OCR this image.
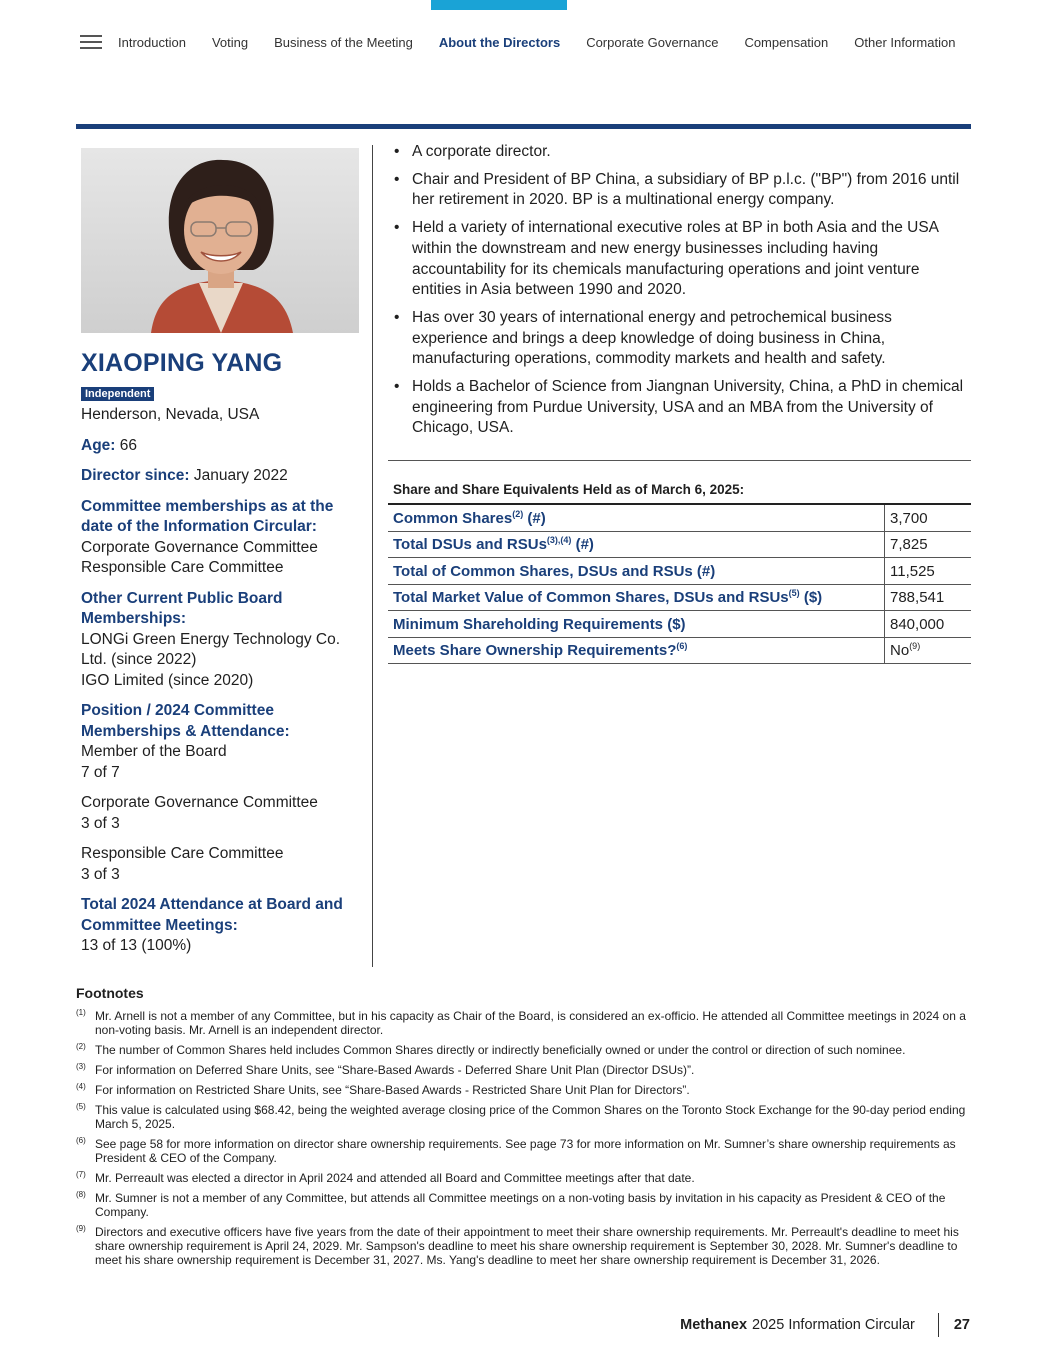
Introduction Voting Business of the Meeting About the Directors Corporate Governance Compensation Other Information
XIAOPING YANG
Independent

Henderson, Nevada, USA

Age: 66

Director since: January 2022

Committee memberships as at the date of the Information Circular:
Corporate Governance Committee
Responsible Care Committee
Other Current Public Board Memberships:
LONGi Green Energy Technology Co. Ltd. (since 2022)
IGO Limited (since 2020)
Position / 2024 Committee Memberships & Attendance:
Member of the Board
7 of 7
Corporate Governance Committee
3 of 3
Responsible Care Committee
3 of 3
Total 2024 Attendance at Board and Committee Meetings:
13 of 13 (100%)
• A corporate director.
• Chair and President of BP China, a subsidiary of BP p.l.c. ("BP") from 2016 until her retirement in 2020. BP is a multinational energy company.
• Held a variety of international executive roles at BP in both Asia and the USA within the downstream and new energy businesses including having accountability for its chemicals manufacturing operations and joint venture entities in Asia between 1990 and 2020.
• Has over 30 years of international energy and petrochemical business experience and brings a deep knowledge of doing business in China, manufacturing operations, commodity markets and health and safety.
• Holds a Bachelor of Science from Jiangnan University, China, a PhD in chemical engineering from Purdue University, USA and an MBA from the University of Chicago, USA.
Share and Share Equivalents Held as of March 6, 2025:
Common Shares$^{(2)}$ (#)	3,700
Total DSUs and RSUs$^{(3),(4)}$ (#)	7,825
Total of Common Shares, DSUs and RSUs (#)	11,525
Total Market Value of Common Shares, DSUs and RSUs$^{(5)}$ ($)	788,541
Minimum Shareholding Requirements ($)	840,000
Meets Share Ownership Requirements?$^{(6)}$	No$^{(9)}$
Footnotes
(1) Mr. Arnell is not a member of any Committee, but in his capacity as Chair of the Board, is considered an ex-officio. He attended all Committee meetings in 2024 on a non-voting basis. Mr. Arnell is an independent director.
(2) The number of Common Shares held includes Common Shares directly or indirectly beneficially owned or under the control or direction of such nominee.
(3) For information on Deferred Share Units, see “Share-Based Awards - Deferred Share Unit Plan (Director DSUs)”.
(4) For information on Restricted Share Units, see “Share-Based Awards - Restricted Share Unit Plan for Directors”.
(5) This value is calculated using $68.42, being the weighted average closing price of the Common Shares on the Toronto Stock Exchange for the 90-day period ending March 5, 2025.
(6) See page 58 for more information on director share ownership requirements. See page 73 for more information on Mr. Sumner’s share ownership requirements as President & CEO of the Company.
(7) Mr. Perreault was elected a director in April 2024 and attended all Board and Committee meetings after that date.
(8) Mr. Sumner is not a member of any Committee, but attends all Committee meetings on a non-voting basis by invitation in his capacity as President & CEO of the Company.
(9) Directors and executive officers have five years from the date of their appointment to meet their share ownership requirements. Mr. Perreault's deadline to meet his share ownership requirement is April 24, 2029. Mr. Sampson's deadline to meet his share ownership requirement is September 30, 2028. Mr. Sumner's deadline to meet his share ownership requirement is December 31, 2027. Ms. Yang's deadline to meet her share ownership requirement is December 31, 2026.
Methanex 2025 Information Circular	27
